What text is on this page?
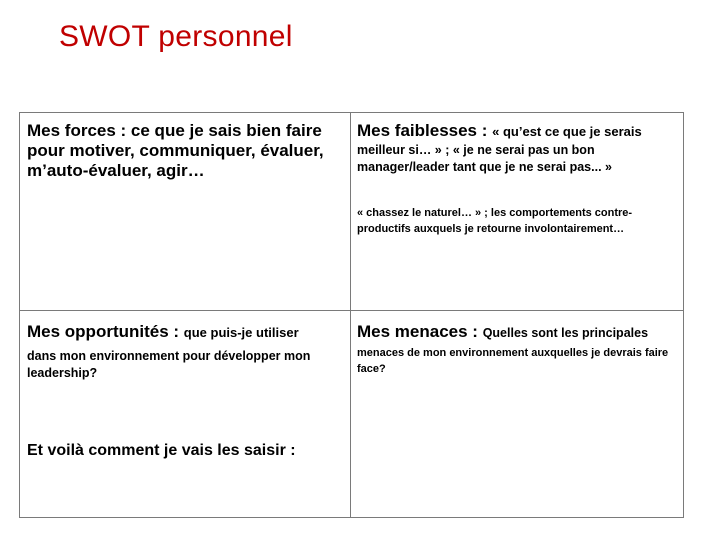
SWOT personnel
Mes forces : ce que je sais bien faire pour motiver, communiquer, évaluer, m’auto-évaluer, agir…
Mes faiblesses : « qu’est ce que je serais
meilleur si… » ; « je ne serai pas un bon manager/leader tant que je ne serai pas... »
« chassez le naturel… » ; les comportements contre-productifs auxquels je retourne involontairement…
Mes opportunités : que puis-je utiliser
dans mon environnement pour développer mon leadership?
Et voilà comment je vais les saisir :
Mes menaces : Quelles sont les principales
menaces de mon environnement auxquelles je devrais faire face?
